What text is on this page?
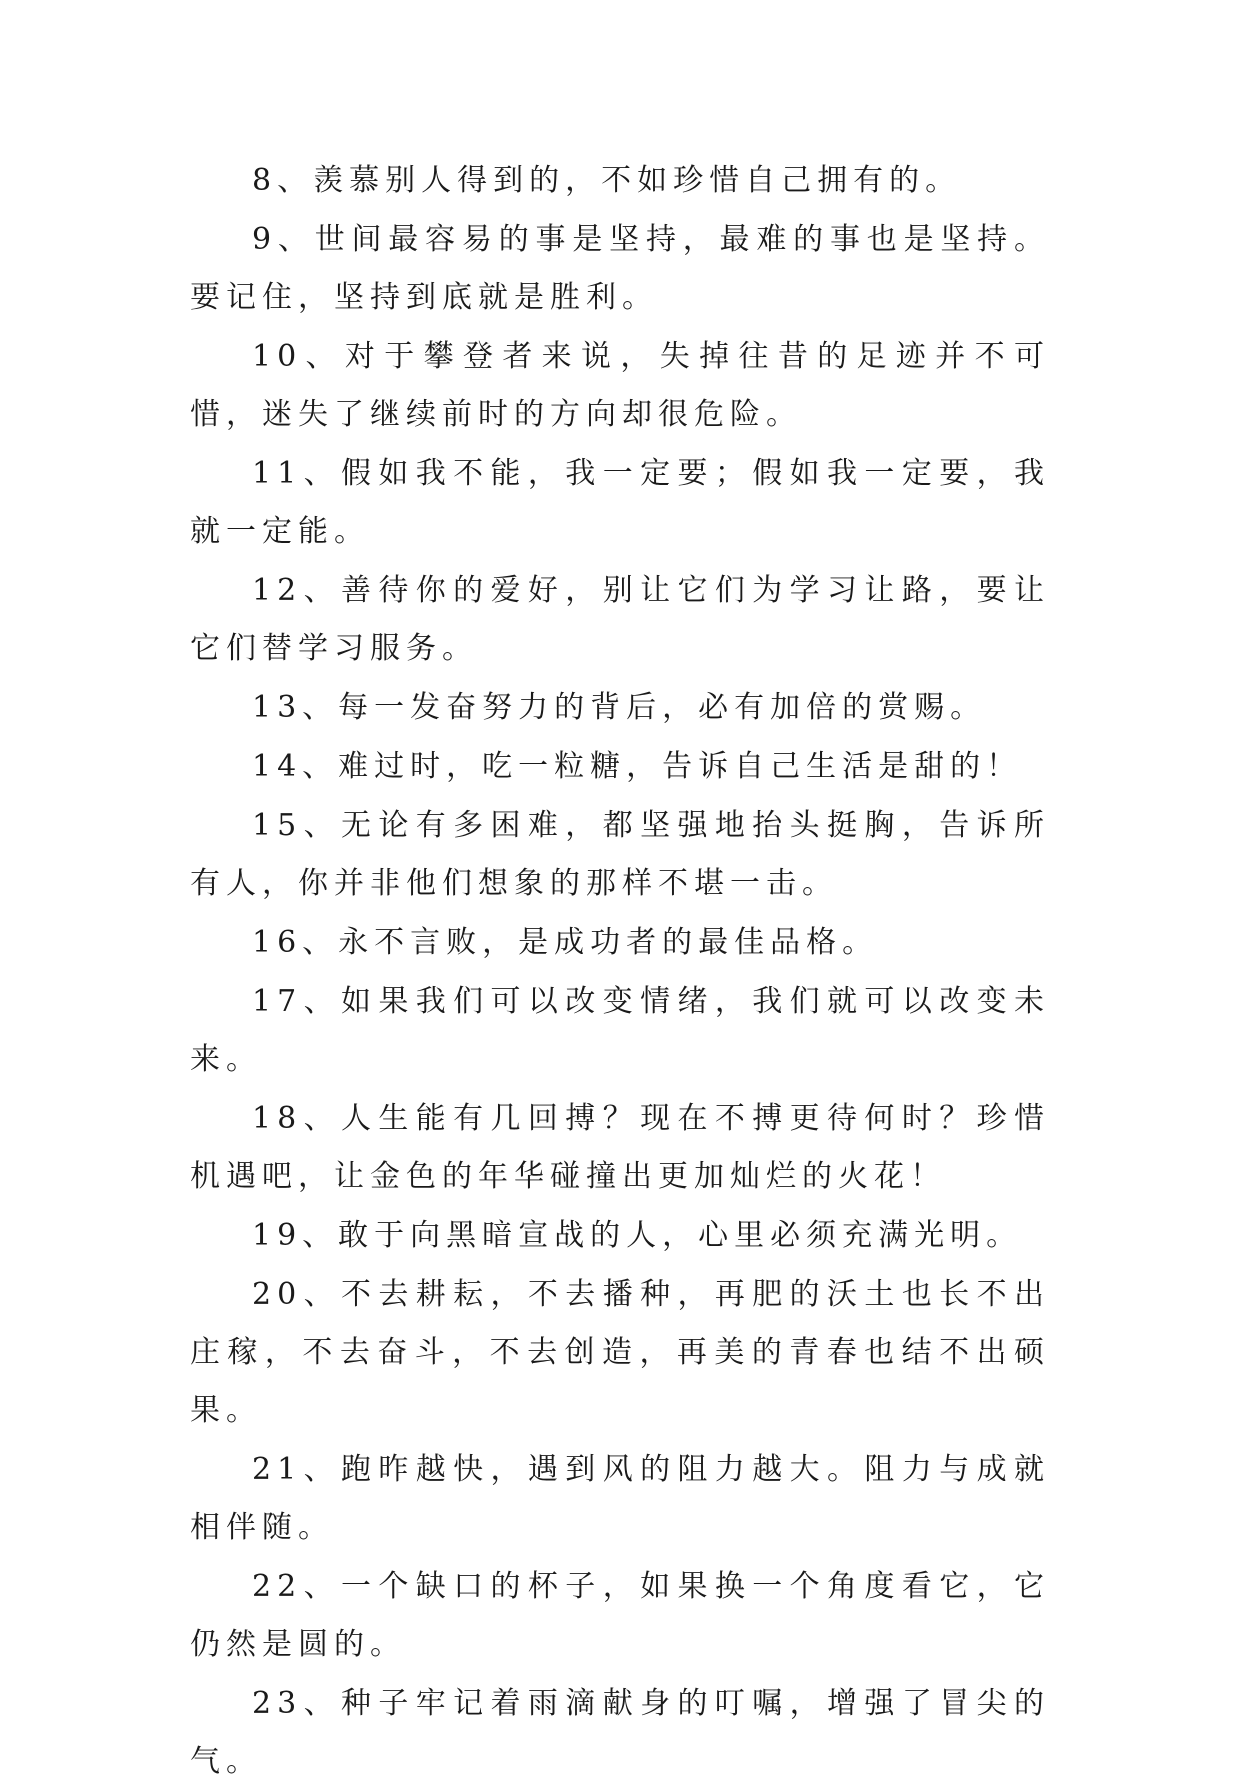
8、羡慕别人得到的，不如珍惜自己拥有的。

9、世间最容易的事是坚持，最难的事也是坚持。要记住，坚持到底就是胜利。

10、对于攀登者来说，失掉往昔的足迹并不可惜，迷失了继续前时的方向却很危险。

11、假如我不能，我一定要；假如我一定要，我就一定能。

12、善待你的爱好，别让它们为学习让路，要让它们替学习服务。

13、每一发奋努力的背后，必有加倍的赏赐。

14、难过时，吃一粒糖，告诉自己生活是甜的！

15、无论有多困难，都坚强地抬头挺胸，告诉所有人，你并非他们想象的那样不堪一击。

16、永不言败，是成功者的最佳品格。

17、如果我们可以改变情绪，我们就可以改变未来。

18、人生能有几回搏？现在不搏更待何时？珍惜机遇吧，让金色的年华碰撞出更加灿烂的火花！

19、敢于向黑暗宣战的人，心里必须充满光明。

20、不去耕耘，不去播种，再肥的沃土也长不出庄稼，不去奋斗，不去创造，再美的青春也结不出硕果。

21、跑昨越快，遇到风的阻力越大。阻力与成就相伴随。

22、一个缺口的杯子，如果换一个角度看它，它仍然是圆的。

23、种子牢记着雨滴献身的叮嘱，增强了冒尖的气。
